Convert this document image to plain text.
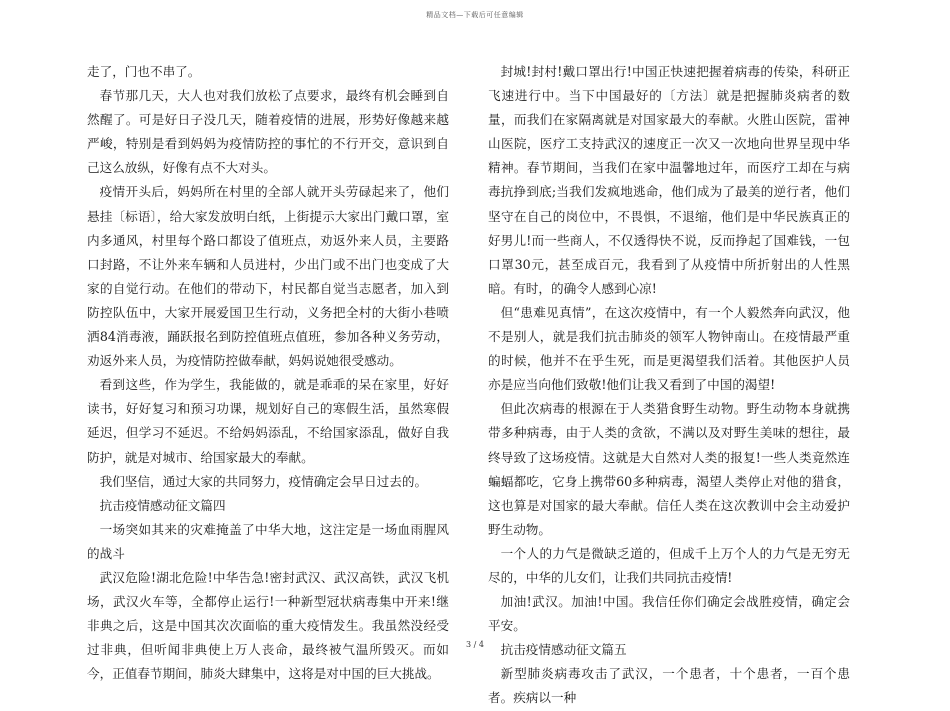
精品文档—下载后可任意编辑

走了，门也不串了。

春节那几天，大人也对我们放松了点要求，最终有机会睡到自然醒了。可是好日子没几天，随着疫情的进展，形势好像越来越严峻，特别是看到妈妈为疫情防控的事忙的不行开交，意识到自己这么放纵，好像有点不大对头。

疫情开头后，妈妈所在村里的全部人就开头劳碌起来了，他们悬挂〔标语〕，给大家发放明白纸，上街提示大家出门戴口罩，室内多通风，村里每个路口都设了值班点，劝返外来人员，主要路口封路，不让外来车辆和人员进村，少出门或不出门也变成了大家的自觉行动。在他们的带动下，村民都自觉当志愿者，加入到防控队伍中，大家开展爱国卫生行动，义务把全村的大街小巷喷洒84消毒液，踊跃报名到防控值班点值班，参加各种义务劳动，劝返外来人员，为疫情防控做奉献，妈妈说她很受感动。

看到这些，作为学生，我能做的，就是乖乖的呆在家里，好好读书，好好复习和预习功课，规划好自己的寒假生活，虽然寒假延迟，但学习不延迟。不给妈妈添乱，不给国家添乱，做好自我防护，就是对城市、给国家最大的奉献。

我们坚信，通过大家的共同努力，疫情确定会早日过去的。

抗击疫情感动征文篇四

一场突如其来的灾难掩盖了中华大地，这注定是一场血雨腥风的战斗

武汉危险!湖北危险!中华告急!密封武汉、武汉高铁，武汉飞机场，武汉火车等，全都停止运行!一种新型冠状病毒集中开来!继非典之后，这是中国其次次面临的重大疫情发生。我虽然没经受过非典，但听闻非典使上万人丧命，最终被气温所毁灭。而如今，正值春节期间，肺炎大肆集中，这将是对中国的巨大挑战。

封城!封村!戴口罩出行!中国正快速把握着病毒的传染，科研正飞速进行中。当下中国最好的〔方法〕就是把握肺炎病者的数量，而我们在家隔离就是对国家最大的奉献。火胜山医院，雷神山医院，医疗工支持武汉的速度正一次又一次地向世界呈现中华精神。春节期间，当我们在家中温馨地过年，而医疗工却在与病毒抗挣到底;当我们发疯地逃命，他们成为了最美的逆行者，他们坚守在自己的岗位中，不畏惧，不退缩，他们是中华民族真正的好男儿!而一些商人，不仅透得快不说，反而挣起了国难钱，一包口罩30元，甚至成百元，我看到了从疫情中所折射出的人性黑暗。有时，的确令人感到心凉!

但“患难见真情”，在这次疫情中，有一个人毅然奔向武汉，他不是别人，就是我们抗击肺炎的领军人物钟南山。在疫情最严重的时候，他并不在乎生死，而是更渴望我们活着。其他医护人员亦是应当向他们致敬!他们让我又看到了中国的渴望!

但此次病毒的根源在于人类猎食野生动物。野生动物本身就携带多种病毒，由于人类的贪欲，不满以及对野生美味的想往，最终导致了这场疫情。这就是大自然对人类的报复!一些人类竟然连蝙蝠都吃，它身上携带60多种病毒，渴望人类停止对他的猎食，这也算是对国家的最大奉献。信任人类在这次教训中会主动爱护野生动物。

一个人的力气是微缺乏道的，但成千上万个人的力气是无穷无尽的，中华的儿女们，让我们共同抗击疫情!

加油!武汉。加油!中国。我信任你们确定会战胜疫情，确定会平安。

抗击疫情感动征文篇五

新型肺炎病毒攻击了武汉，一个患者，十个患者，一百个患者。疾病以一种

3 / 4
